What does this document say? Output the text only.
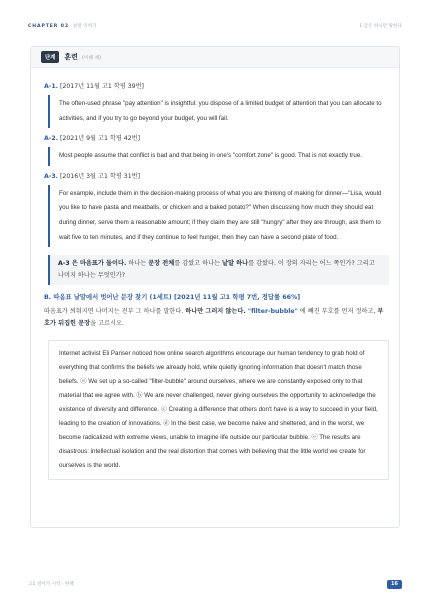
CHAPTER 02 낱말 익히기	1 글은 하나만 말한다
단계	훈련 (이해 세)
A-1. [2017년 11월 고1 학평 39번]
The often-used phrase "pay attention" is insightful: you dispose of a limited budget of attention that you can allocate to activities, and if you try to go beyond your budget, you will fail.
A-2. [2021년 9월 고1 학평 42번]
Most people assume that conflict is bad and that being in one's "comfort zone" is good. That is not exactly true.
A-3. [2016년 3월 고1 학평 31번]
For example, include them in the decision-making process of what you are thinking of making for dinner—"Lisa, would you like to have pasta and meatballs, or chicken and a baked potato?" When discussing how much they should eat during dinner, serve them a reasonable amount; if they claim they are still "hungry" after they are through, ask them to wait five to ten minutes, and if they continue to feel hunger, then they can have a second plate of food.
A-3 은 마음표가 둘이다. 하나는 문장 전체를 감쌌고 하나는 낱말 하나를 감쌌다. 이 장의 자리는 어느 쪽인가? 그리고 나머지 하나는 무엇인가?
B. 따옴표 낱말에서 벗어난 문장 찾기 (1세트) [2021년 11월 고1 학평 7번, 정답률 66%]
따옴표가 씌워지면 나머지는 전부 그 하나를 말한다. 하나만 그러지 않는다. "filter-bubble" 에 빼진 부호를 먼저 정하고, 부호가 뒤집힌 문장을 고르시오.
Internet activist Eli Pariser noticed how online search algorithms encourage our human tendency to grab hold of everything that confirms the beliefs we already hold, while quietly ignoring information that doesn't match those beliefs. ⓐ We set up a so-called "filter-bubble" around ourselves, where we are constantly exposed only to that material that we agree with. ⓑ We are never challenged, never giving ourselves the opportunity to acknowledge the existence of diversity and difference. ⓒ Creating a difference that others don't have is a way to succeed in your field, leading to the creation of innovations. ⓓ In the best case, we become naive and sheltered, and in the worst, we become radicalized with extreme views, unable to imagine life outside our particular bubble. ⓔ The results are disastrous: intellectual isolation and the real distortion that comes with believing that the little world we create for ourselves is the world.
고1 영어가 시작 · 한책	16
